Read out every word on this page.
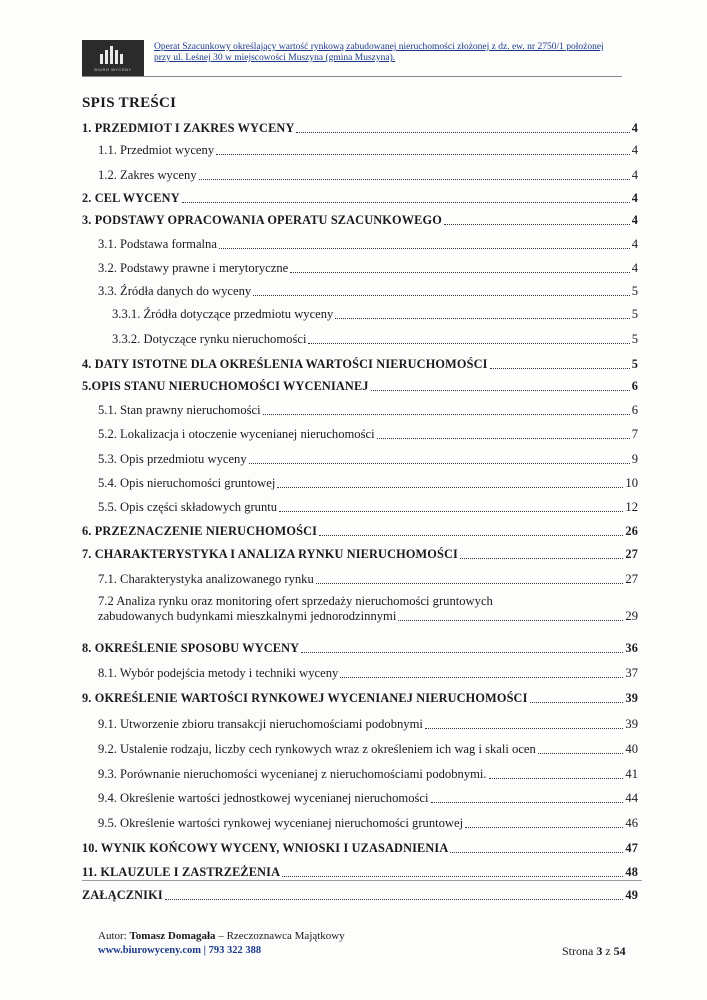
BIURO WYCENY
Operat Szacunkowy określający wartość rynkową zabudowanej nieruchomości złożonej z dz. ew. nr 2750/1 położonej
przy ul. Leśnej 30 w miejscowości Muszyna (gmina Muszyna).
SPIS TREŚCI
1. PRZEDMIOT I ZAKRES WYCENY	4
1.1. Przedmiot wyceny	4
1.2. Zakres wyceny	4
2. CEL WYCENY	4
3. PODSTAWY OPRACOWANIA OPERATU SZACUNKOWEGO	4
3.1. Podstawa formalna	4
3.2. Podstawy prawne i merytoryczne	4
3.3. Źródła danych do wyceny	5
3.3.1. Źródła dotyczące przedmiotu wyceny	5
3.3.2. Dotyczące rynku nieruchomości	5
4. DATY ISTOTNE DLA OKREŚLENIA WARTOŚCI NIERUCHOMOŚCI	5
5.OPIS STANU NIERUCHOMOŚCI WYCENIANEJ	6
5.1. Stan prawny nieruchomości	6
5.2. Lokalizacja i otoczenie wycenianej nieruchomości	7
5.3. Opis przedmiotu wyceny	9
5.4. Opis nieruchomości gruntowej	10
5.5. Opis części składowych gruntu	12
6. PRZEZNACZENIE NIERUCHOMOŚCI	26
7. CHARAKTERYSTYKA I ANALIZA RYNKU NIERUCHOMOŚCI	27
7.1. Charakterystyka analizowanego rynku	27
7.2 Analiza rynku oraz monitoring ofert sprzedaży nieruchomości gruntowych
zabudowanych budynkami mieszkalnymi jednorodzinnymi	29
8. OKREŚLENIE SPOSOBU WYCENY	36
8.1. Wybór podejścia metody i techniki wyceny	37
9. OKREŚLENIE WARTOŚCI RYNKOWEJ WYCENIANEJ NIERUCHOMOŚCI	39
9.1. Utworzenie zbioru transakcji nieruchomościami podobnymi	39
9.2. Ustalenie rodzaju, liczby cech rynkowych wraz z określeniem ich wag i skali ocen	40
9.3. Porównanie nieruchomości wycenianej z nieruchomościami podobnymi.	41
9.4. Określenie wartości jednostkowej wycenianej nieruchomości	44
9.5. Określenie wartości rynkowej wycenianej nieruchomości gruntowej	46
10. WYNIK KOŃCOWY WYCENY, WNIOSKI I UZASADNIENIA	47
11. KLAUZULE I ZASTRZEŻENIA	48
ZAŁĄCZNIKI	49
Autor: Tomasz Domagała – Rzeczoznawca Majątkowy
www.biurowyceny.com | 793 322 388	Strona 3 z 54
